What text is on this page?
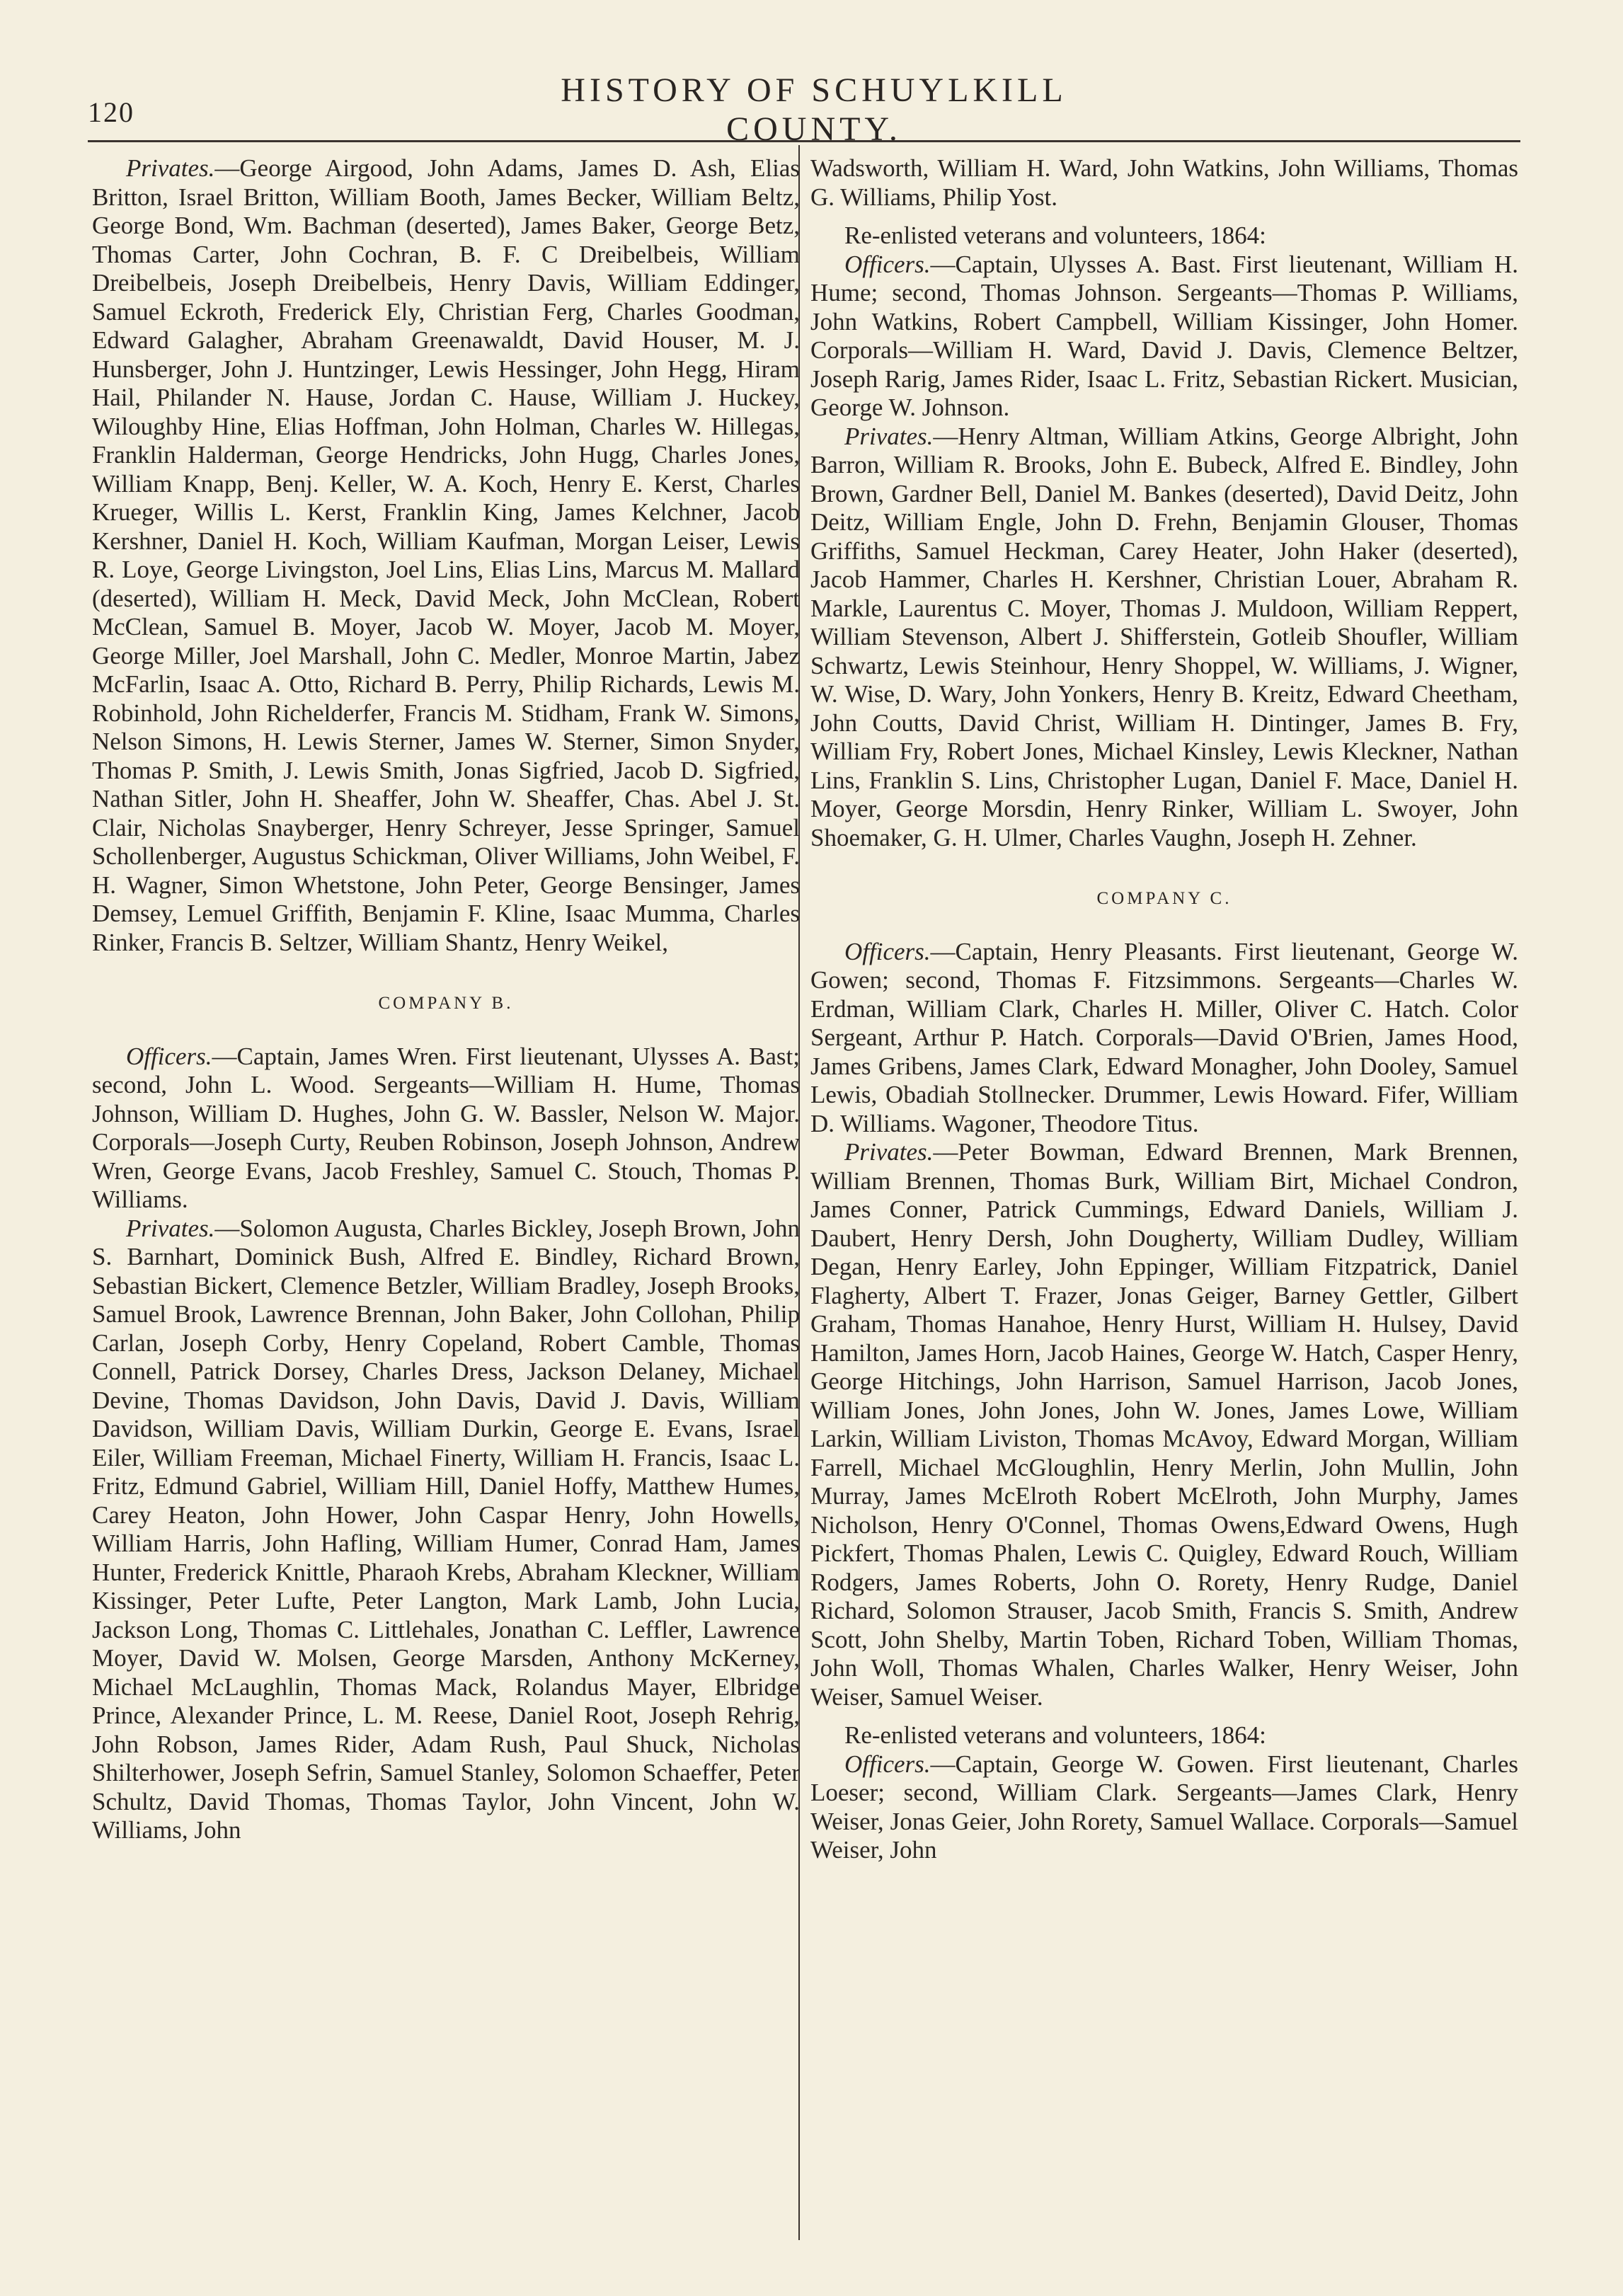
120
HISTORY OF SCHUYLKILL COUNTY.

Privates.—George Airgood, John Adams, James D. Ash, Elias Britton, Israel Britton, William Booth, James Becker, William Beltz, George Bond, Wm. Bachman (deserted), James Baker, George Betz, Thomas Carter, John Cochran, B. F. C Dreibelbeis, William Dreibelbeis, Joseph Dreibelbeis, Henry Davis, William Eddinger, Samuel Eckroth, Frederick Ely, Christian Ferg, Charles Goodman, Edward Galagher, Abraham Greenawaldt, David Houser, M. J. Hunsberger, John J. Huntzinger, Lewis Hessinger, John Hegg, Hiram Hail, Philander N. Hause, Jordan C. Hause, William J. Huckey, Wiloughby Hine, Elias Hoffman, John Holman, Charles W. Hillegas, Franklin Halderman, George Hendricks, John Hugg, Charles Jones, William Knapp, Benj. Keller, W. A. Koch, Henry E. Kerst, Charles Krueger, Willis L. Kerst, Franklin King, James Kelchner, Jacob Kershner, Daniel H. Koch, William Kaufman, Morgan Leiser, Lewis R. Loye, George Livingston, Joel Lins, Elias Lins, Marcus M. Mallard (deserted), William H. Meck, David Meck, John McClean, Robert McClean, Samuel B. Moyer, Jacob W. Moyer, Jacob M. Moyer, George Miller, Joel Marshall, John C. Medler, Monroe Martin, Jabez McFarlin, Isaac A. Otto, Richard B. Perry, Philip Richards, Lewis M. Robinhold, John Richelderfer, Francis M. Stidham, Frank W. Simons, Nelson Simons, H. Lewis Sterner, James W. Sterner, Simon Snyder, Thomas P. Smith, J. Lewis Smith, Jonas Sigfried, Jacob D. Sigfried, Nathan Sitler, John H. Sheaffer, John W. Sheaffer, Chas. Abel J. St. Clair, Nicholas Snayberger, Henry Schreyer, Jesse Springer, Samuel Schollenberger, Augustus Schickman, Oliver Williams, John Weibel, F. H. Wagner, Simon Whetstone, John Peter, George Bensinger, James Demsey, Lemuel Griffith, Benjamin F. Kline, Isaac Mumma, Charles Rinker, Francis B. Seltzer, William Shantz, Henry Weikel,

COMPANY B.

Officers.—Captain, James Wren. First lieutenant, Ulysses A. Bast; second, John L. Wood. Sergeants—William H. Hume, Thomas Johnson, William D. Hughes, John G. W. Bassler, Nelson W. Major. Corporals—Joseph Curty, Reuben Robinson, Joseph Johnson, Andrew Wren, George Evans, Jacob Freshley, Samuel C. Stouch, Thomas P. Williams.

Privates.—Solomon Augusta, Charles Bickley, Joseph Brown, John S. Barnhart, Dominick Bush, Alfred E. Bindley, Richard Brown, Sebastian Bickert, Clemence Betzler, William Bradley, Joseph Brooks, Samuel Brook, Lawrence Brennan, John Baker, John Collohan, Philip Carlan, Joseph Corby, Henry Copeland, Robert Camble, Thomas Connell, Patrick Dorsey, Charles Dress, Jackson Delaney, Michael Devine, Thomas Davidson, John Davis, David J. Davis, William Davidson, William Davis, William Durkin, George E. Evans, Israel Eiler, William Freeman, Michael Finerty, William H. Francis, Isaac L. Fritz, Edmund Gabriel, William Hill, Daniel Hoffy, Matthew Humes, Carey Heaton, John Hower, John Caspar Henry, John Howells, William Harris, John Hafling, William Humer, Conrad Ham, James Hunter, Frederick Knittle, Pharaoh Krebs, Abraham Kleckner, William Kissinger, Peter Lufte, Peter Langton, Mark Lamb, John Lucia, Jackson Long, Thomas C. Littlehales, Jonathan C. Leffler, Lawrence Moyer, David W. Molsen, George Marsden, Anthony McKerney, Michael McLaughlin, Thomas Mack, Rolandus Mayer, Elbridge Prince, Alexander Prince, L. M. Reese, Daniel Root, Joseph Rehrig, John Robson, James Rider, Adam Rush, Paul Shuck, Nicholas Shilterhower, Joseph Sefrin, Samuel Stanley, Solomon Schaeffer, Peter Schultz, David Thomas, Thomas Taylor, John Vincent, John W. Williams, John

Wadsworth, William H. Ward, John Watkins, John Williams, Thomas G. Williams, Philip Yost.

Re-enlisted veterans and volunteers, 1864:

Officers.—Captain, Ulysses A. Bast. First lieutenant, William H. Hume; second, Thomas Johnson. Sergeants—Thomas P. Williams, John Watkins, Robert Campbell, William Kissinger, John Homer. Corporals—William H. Ward, David J. Davis, Clemence Beltzer, Joseph Rarig, James Rider, Isaac L. Fritz, Sebastian Rickert. Musician, George W. Johnson.

Privates.—Henry Altman, William Atkins, George Albright, John Barron, William R. Brooks, John E. Bubeck, Alfred E. Bindley, John Brown, Gardner Bell, Daniel M. Bankes (deserted), David Deitz, John Deitz, William Engle, John D. Frehn, Benjamin Glouser, Thomas Griffiths, Samuel Heckman, Carey Heater, John Haker (deserted), Jacob Hammer, Charles H. Kershner, Christian Louer, Abraham R. Markle, Laurentus C. Moyer, Thomas J. Muldoon, William Reppert, William Stevenson, Albert J. Shifferstein, Gotleib Shoufler, William Schwartz, Lewis Steinhour, Henry Shoppel, W. Williams, J. Wigner, W. Wise, D. Wary, John Yonkers, Henry B. Kreitz, Edward Cheetham, John Coutts, David Christ, William H. Dintinger, James B. Fry, William Fry, Robert Jones, Michael Kinsley, Lewis Kleckner, Nathan Lins, Franklin S. Lins, Christopher Lugan, Daniel F. Mace, Daniel H. Moyer, George Morsdin, Henry Rinker, William L. Swoyer, John Shoemaker, G. H. Ulmer, Charles Vaughn, Joseph H. Zehner.

COMPANY C.

Officers.—Captain, Henry Pleasants. First lieutenant, George W. Gowen; second, Thomas F. Fitzsimmons. Sergeants—Charles W. Erdman, William Clark, Charles H. Miller, Oliver C. Hatch. Color Sergeant, Arthur P. Hatch. Corporals—David O'Brien, James Hood, James Gribens, James Clark, Edward Monagher, John Dooley, Samuel Lewis, Obadiah Stollnecker. Drummer, Lewis Howard. Fifer, William D. Williams. Wagoner, Theodore Titus.

Privates.—Peter Bowman, Edward Brennen, Mark Brennen, William Brennen, Thomas Burk, William Birt, Michael Condron, James Conner, Patrick Cummings, Edward Daniels, William J. Daubert, Henry Dersh, John Dougherty, William Dudley, William Degan, Henry Earley, John Eppinger, William Fitzpatrick, Daniel Flagherty, Albert T. Frazer, Jonas Geiger, Barney Gettler, Gilbert Graham, Thomas Hanahoe, Henry Hurst, William H. Hulsey, David Hamilton, James Horn, Jacob Haines, George W. Hatch, Casper Henry, George Hitchings, John Harrison, Samuel Harrison, Jacob Jones, William Jones, John Jones, John W. Jones, James Lowe, William Larkin, William Liviston, Thomas McAvoy, Edward Morgan, William Farrell, Michael McGloughlin, Henry Merlin, John Mullin, John Murray, James McElroth Robert McElroth, John Murphy, James Nicholson, Henry O'Connel, Thomas Owens,Edward Owens, Hugh Pickfert, Thomas Phalen, Lewis C. Quigley, Edward Rouch, William Rodgers, James Roberts, John O. Rorety, Henry Rudge, Daniel Richard, Solomon Strauser, Jacob Smith, Francis S. Smith, Andrew Scott, John Shelby, Martin Toben, Richard Toben, William Thomas, John Woll, Thomas Whalen, Charles Walker, Henry Weiser, John Weiser, Samuel Weiser.

Re-enlisted veterans and volunteers, 1864:

Officers.—Captain, George W. Gowen. First lieutenant, Charles Loeser; second, William Clark. Sergeants—James Clark, Henry Weiser, Jonas Geier, John Rorety, Samuel Wallace. Corporals—Samuel Weiser, John
